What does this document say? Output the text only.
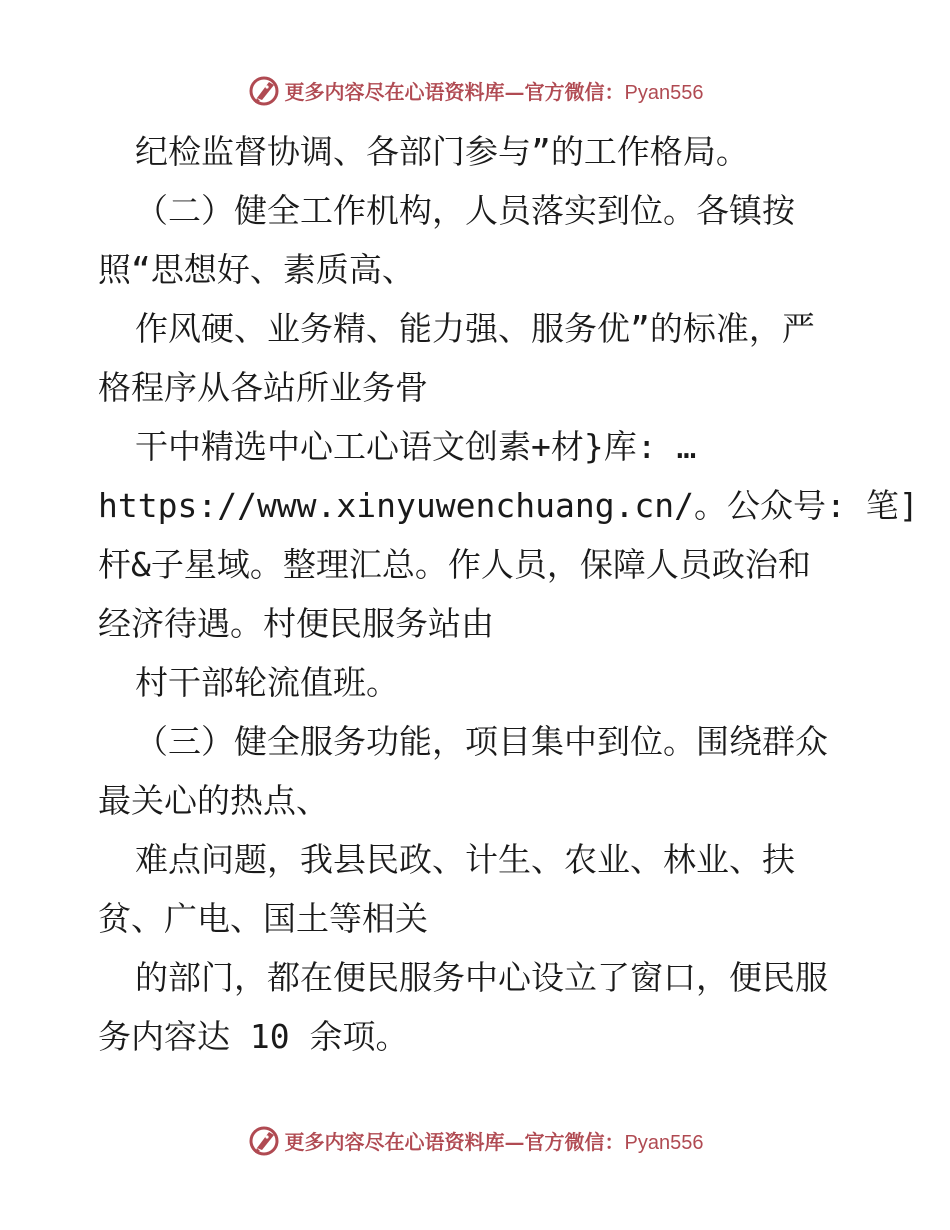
更多内容尽在心语资料库—官方微信：Pyan556
纪检监督协调、各部门参与”的工作格局。
（二）健全工作机构，人员落实到位。各镇按
照“思想好、素质高、
作风硬、业务精、能力强、服务优”的标准，严
格程序从各站所业务骨
干中精选中心工心语文创素+材}库: …
https://www.xinyuwenchuang.cn/。公众号: 笔]
杆&子星域。整理汇总。作人员，保障人员政治和
经济待遇。村便民服务站由
村干部轮流值班。
（三）健全服务功能，项目集中到位。围绕群众
最关心的热点、
难点问题，我县民政、计生、农业、林业、扶
贫、广电、国土等相关
的部门，都在便民服务中心设立了窗口，便民服
务内容达 10 余项。
更多内容尽在心语资料库—官方微信：Pyan556
